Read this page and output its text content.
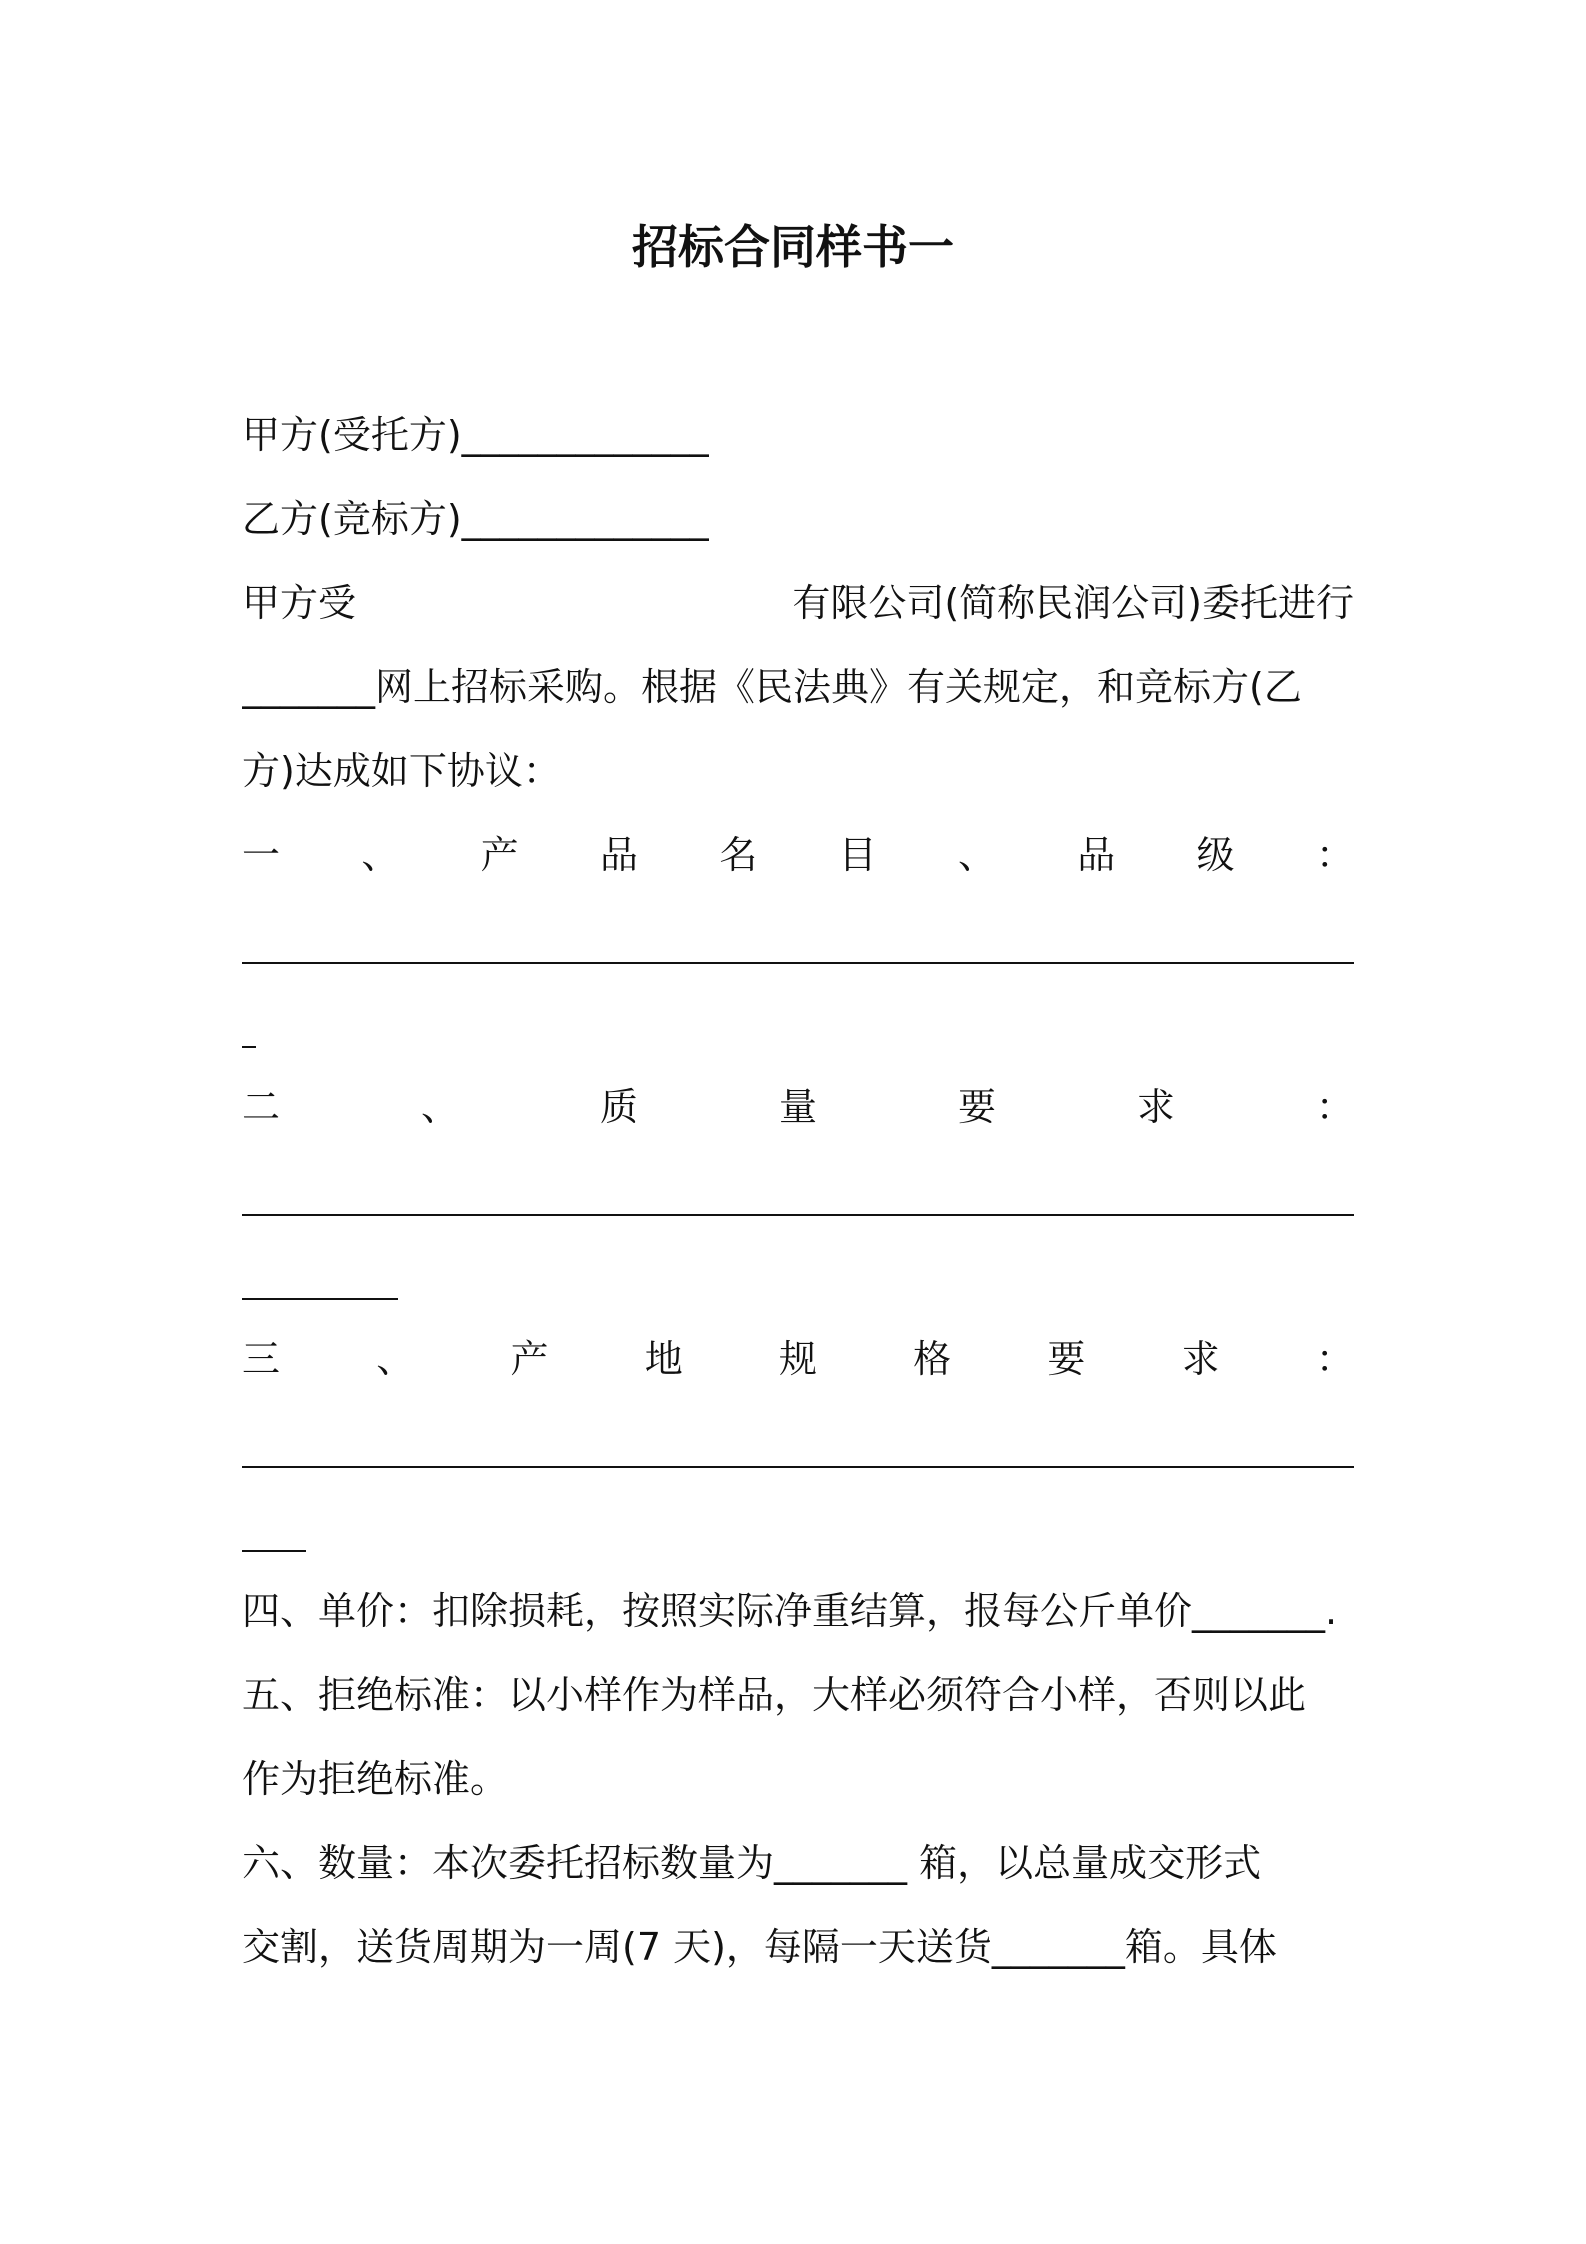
招标合同样书一
甲方(受托方)_____________
乙方(竞标方)_____________
甲方受	有限公司(简称民润公司)委托进行
_______网上招标采购。根据《民法典》有关规定，和竞标方(乙
方)达成如下协议：
一 、 产 品 名 目 、 品 级 ：
二	、	质	量	要	求	：
三	、	产	地	规	格	要	求	：
四、单价：扣除损耗，按照实际净重结算，报每公斤单价_______.
五、拒绝标准：以小样作为样品，大样必须符合小样，否则以此
作为拒绝标准。
六、数量：本次委托招标数量为_______ 箱，以总量成交形式
交割，送货周期为一周(7 天)，每隔一天送货_______箱。具体
